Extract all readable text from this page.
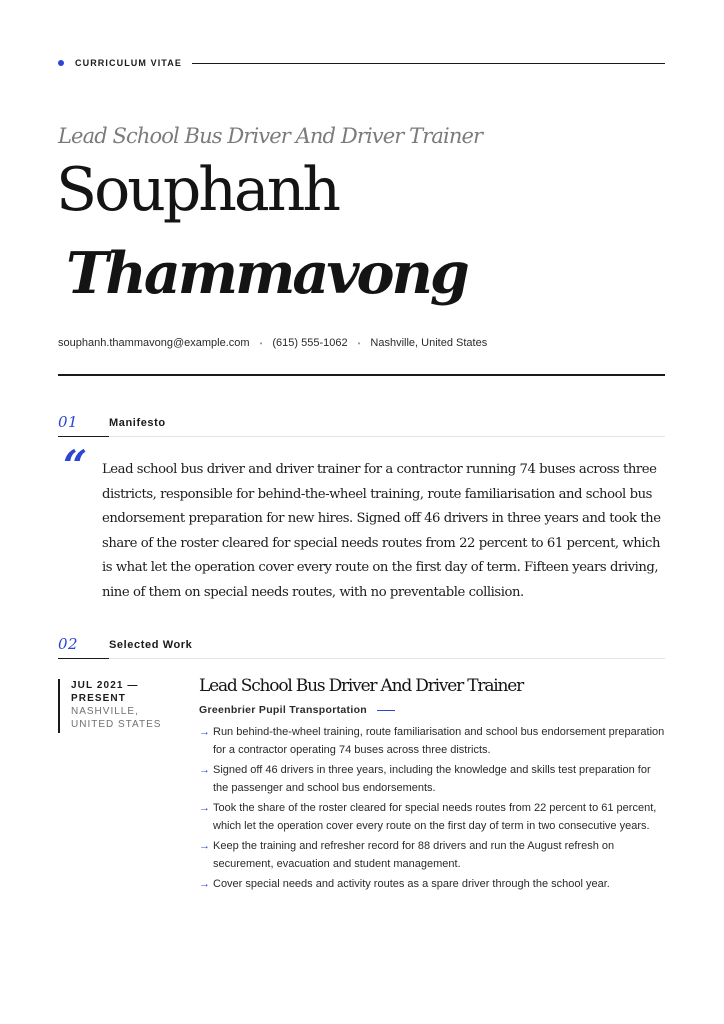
CURRICULUM VITAE
Lead School Bus Driver And Driver Trainer
Souphanh
Thammavong
souphanh.thammavong@example.com • (615) 555-1062 • Nashville, United States
01	Manifesto
“ Lead school bus driver and driver trainer for a contractor running 74 buses across three districts, responsible for behind-the-wheel training, route familiarisation and school bus endorsement preparation for new hires. Signed off 46 drivers in three years and took the share of the roster cleared for special needs routes from 22 percent to 61 percent, which is what let the operation cover every route on the first day of term. Fifteen years driving, nine of them on special needs routes, with no preventable collision.

02	Selected Work
JUL 2021 —
PRESENT
NASHVILLE,
UNITED STATES
Lead School Bus Driver And Driver Trainer
Greenbrier Pupil Transportation
→ Run behind-the-wheel training, route familiarisation and school bus endorsement preparation for a contractor operating 74 buses across three districts.
→ Signed off 46 drivers in three years, including the knowledge and skills test preparation for the passenger and school bus endorsements.
→ Took the share of the roster cleared for special needs routes from 22 percent to 61 percent, which let the operation cover every route on the first day of term in two consecutive years.
→ Keep the training and refresher record for 88 drivers and run the August refresh on securement, evacuation and student management.
→ Cover special needs and activity routes as a spare driver through the school year.
